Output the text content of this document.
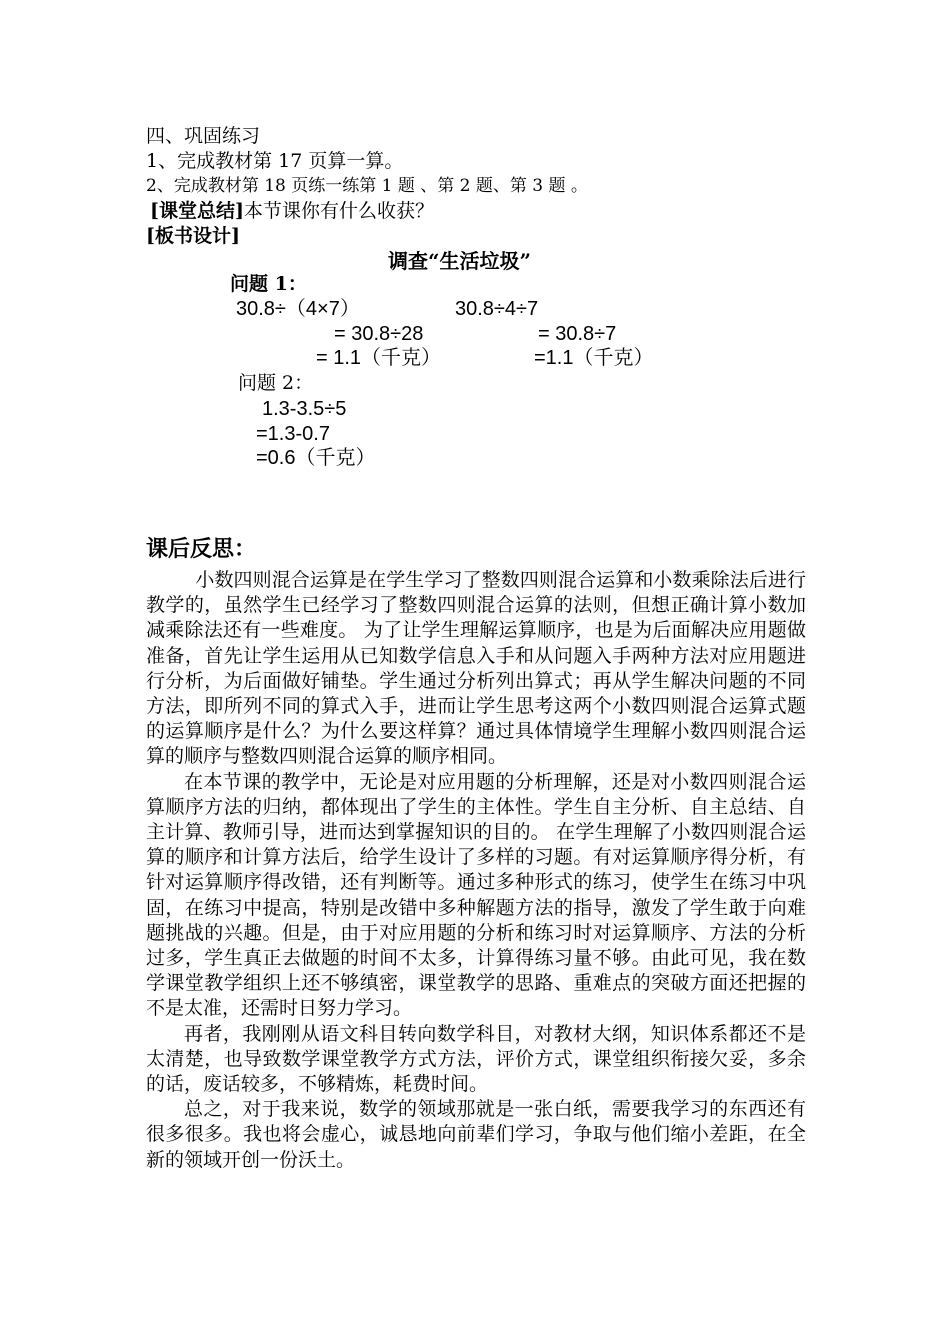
四、巩固练习
1、完成教材第 17 页算一算。
2、完成教材第 18 页练一练第 1 题 、第 2 题、第 3 题 。
[课堂总结]本节课你有什么收获？
[板书设计]
调查“生活垃圾”
问题 1：
30.8÷（4×7）
= 30.8÷28
= 1.1（千克）
30.8÷4÷7
= 30.8÷7
=1.1（千克）
问题 2：
1.3-3.5÷5
=1.3-0.7
=0.6（千克）
课后反思：

小数四则混合运算是在学生学习了整数四则混合运算和小数乘除法后进行教学的，虽然学生已经学习了整数四则混合运算的法则，但想正确计算小数加减乘除法还有一些难度。 为了让学生理解运算顺序，也是为后面解决应用题做准备，首先让学生运用从已知数学信息入手和从问题入手两种方法对应用题进行分析，为后面做好铺垫。学生通过分析列出算式；再从学生解决问题的不同方法，即所列不同的算式入手，进而让学生思考这两个小数四则混合运算式题的运算顺序是什么？为什么要这样算？通过具体情境学生理解小数四则混合运算的顺序与整数四则混合运算的顺序相同。

在本节课的教学中，无论是对应用题的分析理解，还是对小数四则混合运算顺序方法的归纳，都体现出了学生的主体性。学生自主分析、自主总结、自主计算、教师引导，进而达到掌握知识的目的。 在学生理解了小数四则混合运算的顺序和计算方法后，给学生设计了多样的习题。有对运算顺序得分析，有针对运算顺序得改错，还有判断等。通过多种形式的练习，使学生在练习中巩固，在练习中提高，特别是改错中多种解题方法的指导，激发了学生敢于向难题挑战的兴趣。但是，由于对应用题的分析和练习时对运算顺序、方法的分析过多，学生真正去做题的时间不太多，计算得练习量不够。由此可见，我在数学课堂教学组织上还不够缜密，课堂教学的思路、重难点的突破方面还把握的不是太准，还需时日努力学习。

再者，我刚刚从语文科目转向数学科目，对教材大纲，知识体系都还不是太清楚，也导致数学课堂教学方式方法，评价方式，课堂组织衔接欠妥，多余的话，废话较多，不够精炼，耗费时间。

总之，对于我来说，数学的领域那就是一张白纸，需要我学习的东西还有很多很多。我也将会虚心，诚恳地向前辈们学习，争取与他们缩小差距，在全新的领域开创一份沃土。
